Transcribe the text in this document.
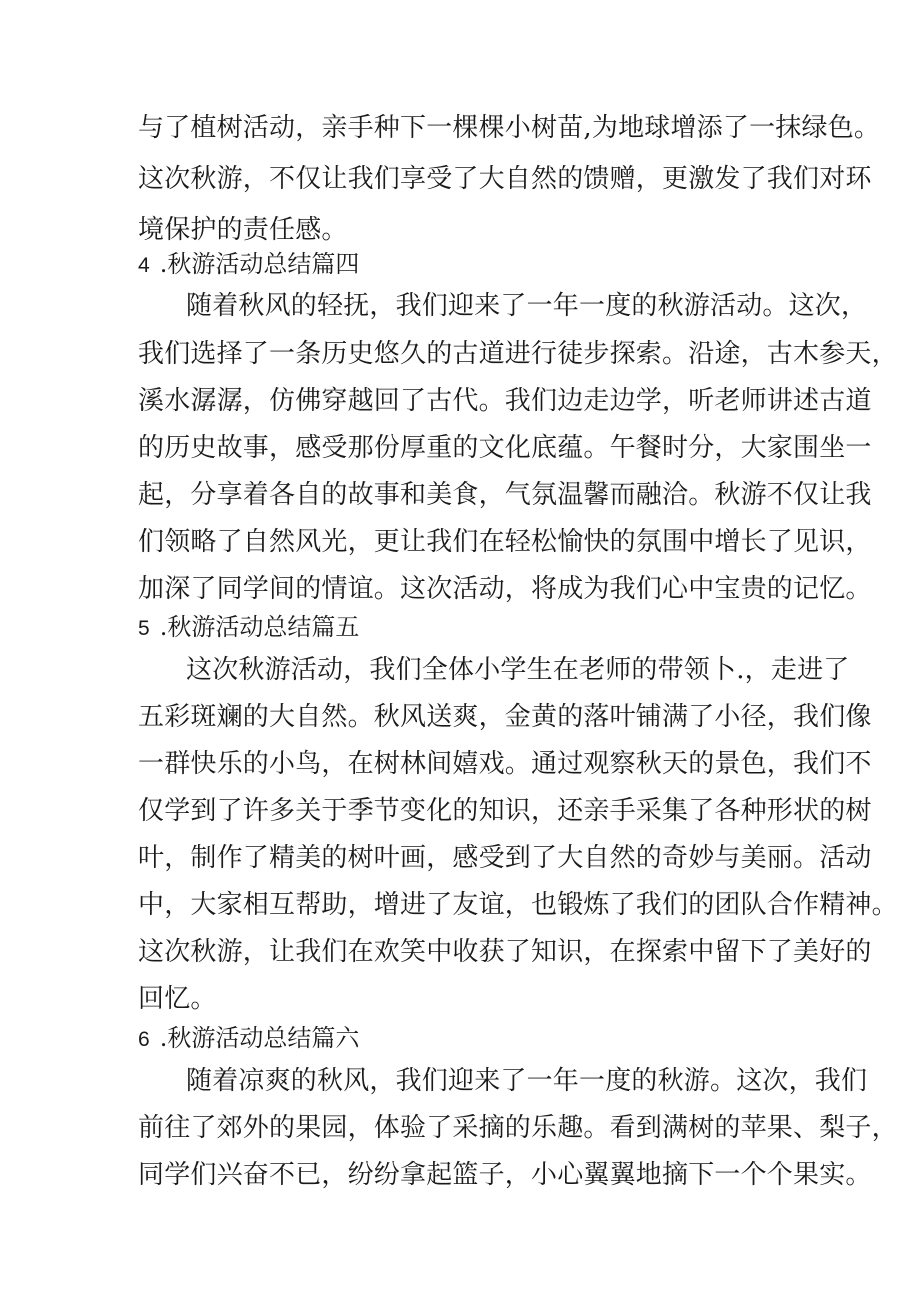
与了植树活动，亲手种下一棵棵小树苗,为地球增添了一抹绿色。
这次秋游，不仅让我们享受了大自然的馈赠，更激发了我们对环
境保护的责任感。
4 .秋游活动总结篇四
随着秋风的轻抚，我们迎来了一年一度的秋游活动。这次，
我们选择了一条历史悠久的古道进行徒步探索。沿途，古木参天，
溪水潺潺，仿佛穿越回了古代。我们边走边学，听老师讲述古道
的历史故事，感受那份厚重的文化底蕴。午餐时分，大家围坐一
起，分享着各自的故事和美食，气氛温馨而融洽。秋游不仅让我
们领略了自然风光，更让我们在轻松愉快的氛围中增长了见识，
加深了同学间的情谊。这次活动，将成为我们心中宝贵的记忆。
5 .秋游活动总结篇五
这次秋游活动，我们全体小学生在老师的带领卜.，走进了
五彩斑斓的大自然。秋风送爽，金黄的落叶铺满了小径，我们像
一群快乐的小鸟，在树林间嬉戏。通过观察秋天的景色，我们不
仅学到了许多关于季节变化的知识，还亲手采集了各种形状的树
叶，制作了精美的树叶画，感受到了大自然的奇妙与美丽。活动
中，大家相互帮助，增进了友谊，也锻炼了我们的团队合作精神。
这次秋游，让我们在欢笑中收获了知识，在探索中留下了美好的
回忆。
6 .秋游活动总结篇六
随着凉爽的秋风，我们迎来了一年一度的秋游。这次，我们
前往了郊外的果园，体验了采摘的乐趣。看到满树的苹果、梨子，
同学们兴奋不已，纷纷拿起篮子，小心翼翼地摘下一个个果实。
